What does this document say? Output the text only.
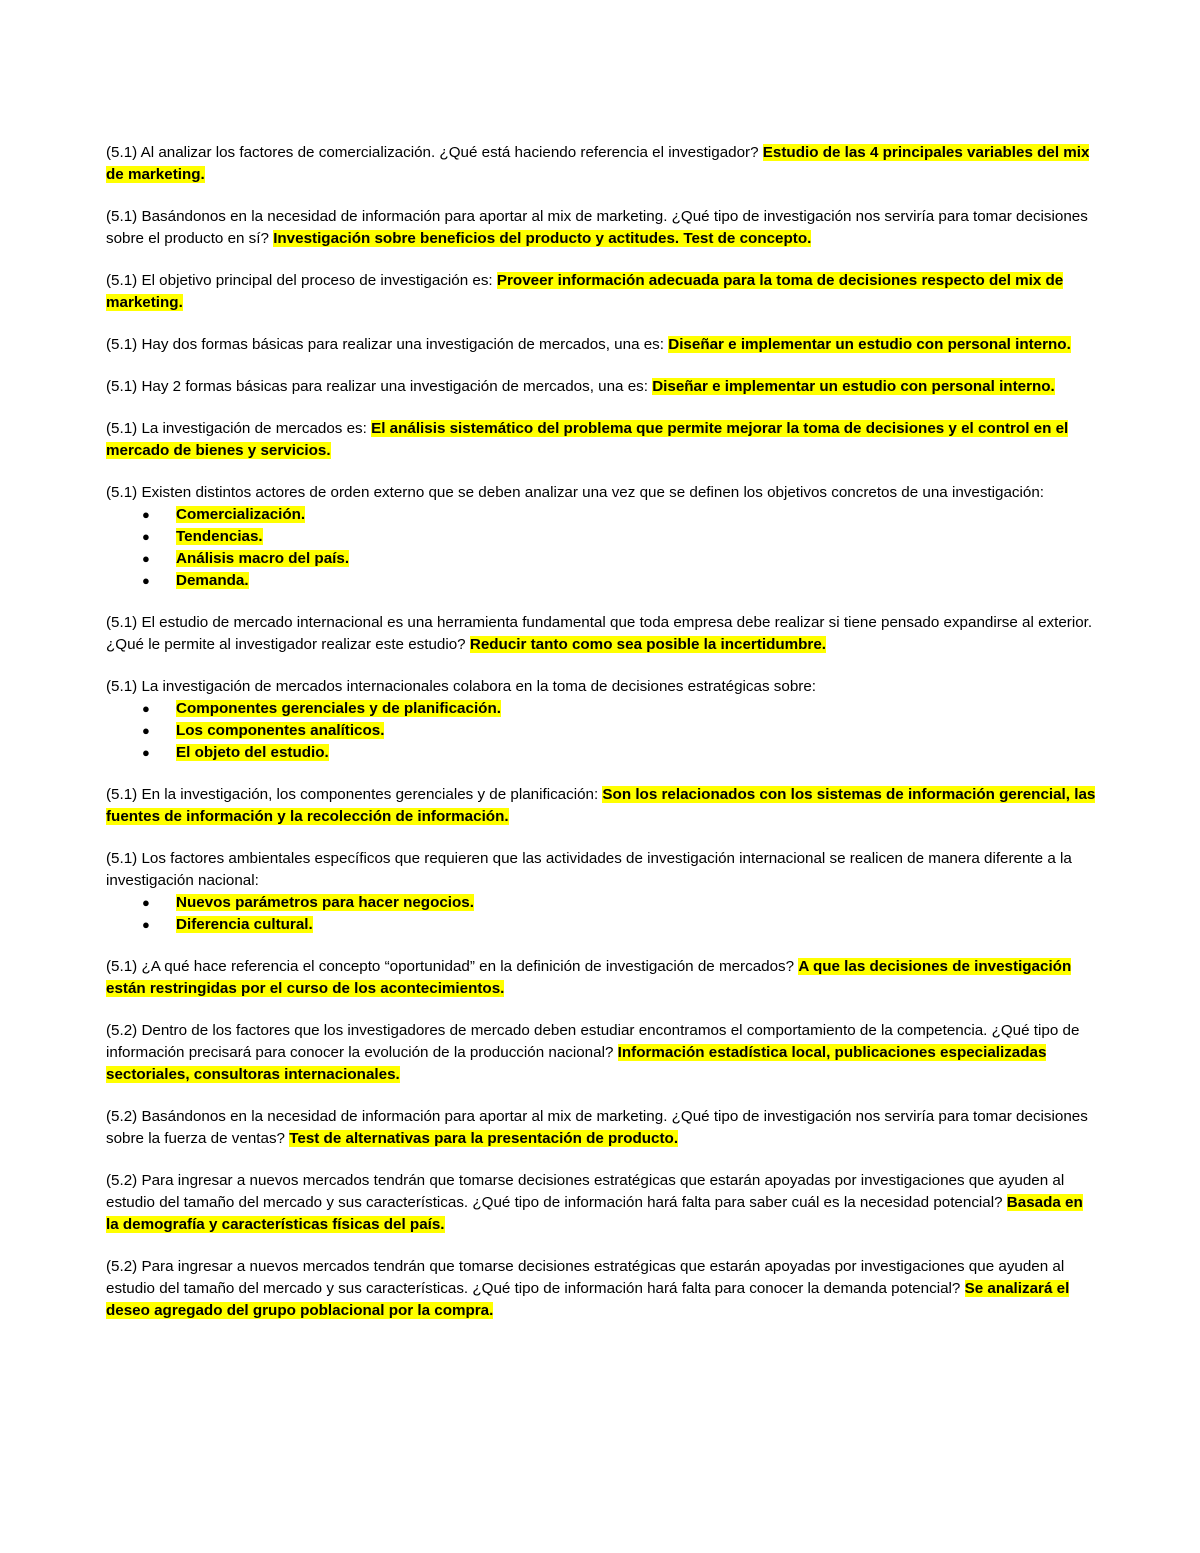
(5.1) Al analizar los factores de comercialización. ¿Qué está haciendo referencia el investigador? Estudio de las 4 principales variables del mix de marketing.

(5.1) Basándonos en la necesidad de información para aportar al mix de marketing. ¿Qué tipo de investigación nos serviría para tomar decisiones sobre el producto en sí? Investigación sobre beneficios del producto y actitudes. Test de concepto.

(5.1) El objetivo principal del proceso de investigación es: Proveer información adecuada para la toma de decisiones respecto del mix de marketing.

(5.1) Hay dos formas básicas para realizar una investigación de mercados, una es: Diseñar e implementar un estudio con personal interno.

(5.1) Hay 2 formas básicas para realizar una investigación de mercados, una es: Diseñar e implementar un estudio con personal interno.

(5.1) La investigación de mercados es: El análisis sistemático del problema que permite mejorar la toma de decisiones y el control en el mercado de bienes y servicios.

(5.1) Existen distintos actores de orden externo que se deben analizar una vez que se definen los objetivos concretos de una investigación:
● Comercialización.
● Tendencias.
● Análisis macro del país.
● Demanda.

(5.1) El estudio de mercado internacional es una herramienta fundamental que toda empresa debe realizar si tiene pensado expandirse al exterior. ¿Qué le permite al investigador realizar este estudio? Reducir tanto como sea posible la incertidumbre.

(5.1) La investigación de mercados internacionales colabora en la toma de decisiones estratégicas sobre:
● Componentes gerenciales y de planificación.
● Los componentes analíticos.
● El objeto del estudio.

(5.1) En la investigación, los componentes gerenciales y de planificación: Son los relacionados con los sistemas de información gerencial, las fuentes de información y la recolección de información.

(5.1) Los factores ambientales específicos que requieren que las actividades de investigación internacional se realicen de manera diferente a la investigación nacional:
● Nuevos parámetros para hacer negocios.
● Diferencia cultural.

(5.1) ¿A qué hace referencia el concepto “oportunidad” en la definición de investigación de mercados? A que las decisiones de investigación están restringidas por el curso de los acontecimientos.

(5.2) Dentro de los factores que los investigadores de mercado deben estudiar encontramos el comportamiento de la competencia. ¿Qué tipo de información precisará para conocer la evolución de la producción nacional? Información estadística local, publicaciones especializadas sectoriales, consultoras internacionales.

(5.2) Basándonos en la necesidad de información para aportar al mix de marketing. ¿Qué tipo de investigación nos serviría para tomar decisiones sobre la fuerza de ventas? Test de alternativas para la presentación de producto.

(5.2) Para ingresar a nuevos mercados tendrán que tomarse decisiones estratégicas que estarán apoyadas por investigaciones que ayuden al estudio del tamaño del mercado y sus características. ¿Qué tipo de información hará falta para saber cuál es la necesidad potencial? Basada en la demografía y características físicas del país.

(5.2) Para ingresar a nuevos mercados tendrán que tomarse decisiones estratégicas que estarán apoyadas por investigaciones que ayuden al estudio del tamaño del mercado y sus características. ¿Qué tipo de información hará falta para conocer la demanda potencial? Se analizará el deseo agregado del grupo poblacional por la compra.
